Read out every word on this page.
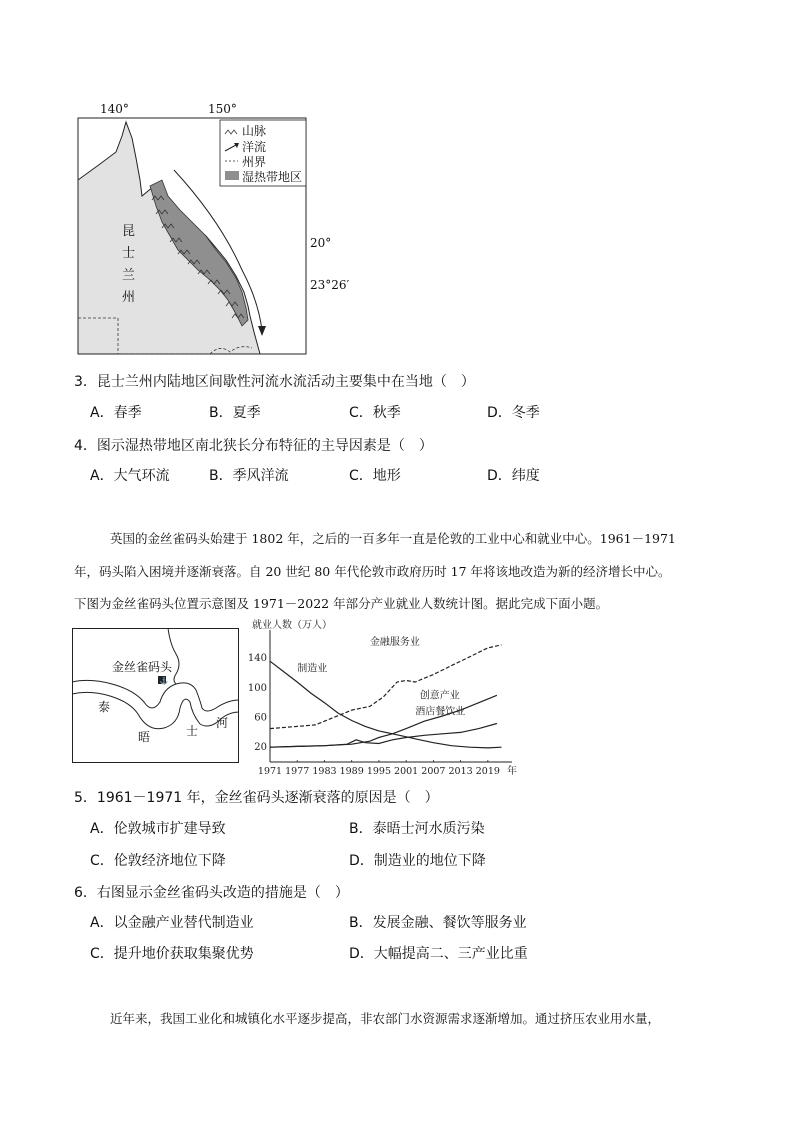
140°	150°
20°
23°26′
山脉
洋流
州界
湿热带地区
昆
士
兰
州
3．昆士兰州内陆地区间歇性河流水流活动主要集中在当地（　）
A．春季	B．夏季	C．秋季	D．冬季
4．图示湿热带地区南北狭长分布特征的主导因素是（　）
A．大气环流	B．季风洋流	C．地形	D．纬度
英国的金丝雀码头始建于 1802 年，之后的一百多年一直是伦敦的工业中心和就业中心。1961－1971
年，码头陷入困境并逐渐衰落。自 20 世纪 80 年代伦敦市政府历时 17 年将该地改造为新的经济增长中心。
下图为金丝雀码头位置示意图及 1971－2022 年部分产业就业人数统计图。据此完成下面小题。
⚓
金丝雀码头
泰
晤	士
河
就业人数（万人）
20
60
100
140
1971 1977 1983 1989 1995 2001 2007 2013 2019 年
金融服务业
制造业
创意产业
酒店餐饮业
5．1961－1971 年，金丝雀码头逐渐衰落的原因是（　）
A．伦敦城市扩建导致	B．泰晤士河水质污染
C．伦敦经济地位下降	D．制造业的地位下降
6．右图显示金丝雀码头改造的措施是（　）
A．以金融产业替代制造业	B．发展金融、餐饮等服务业
C．提升地价获取集聚优势	D．大幅提高二、三产业比重
近年来，我国工业化和城镇化水平逐步提高，非农部门水资源需求逐渐增加。通过挤压农业用水量，
